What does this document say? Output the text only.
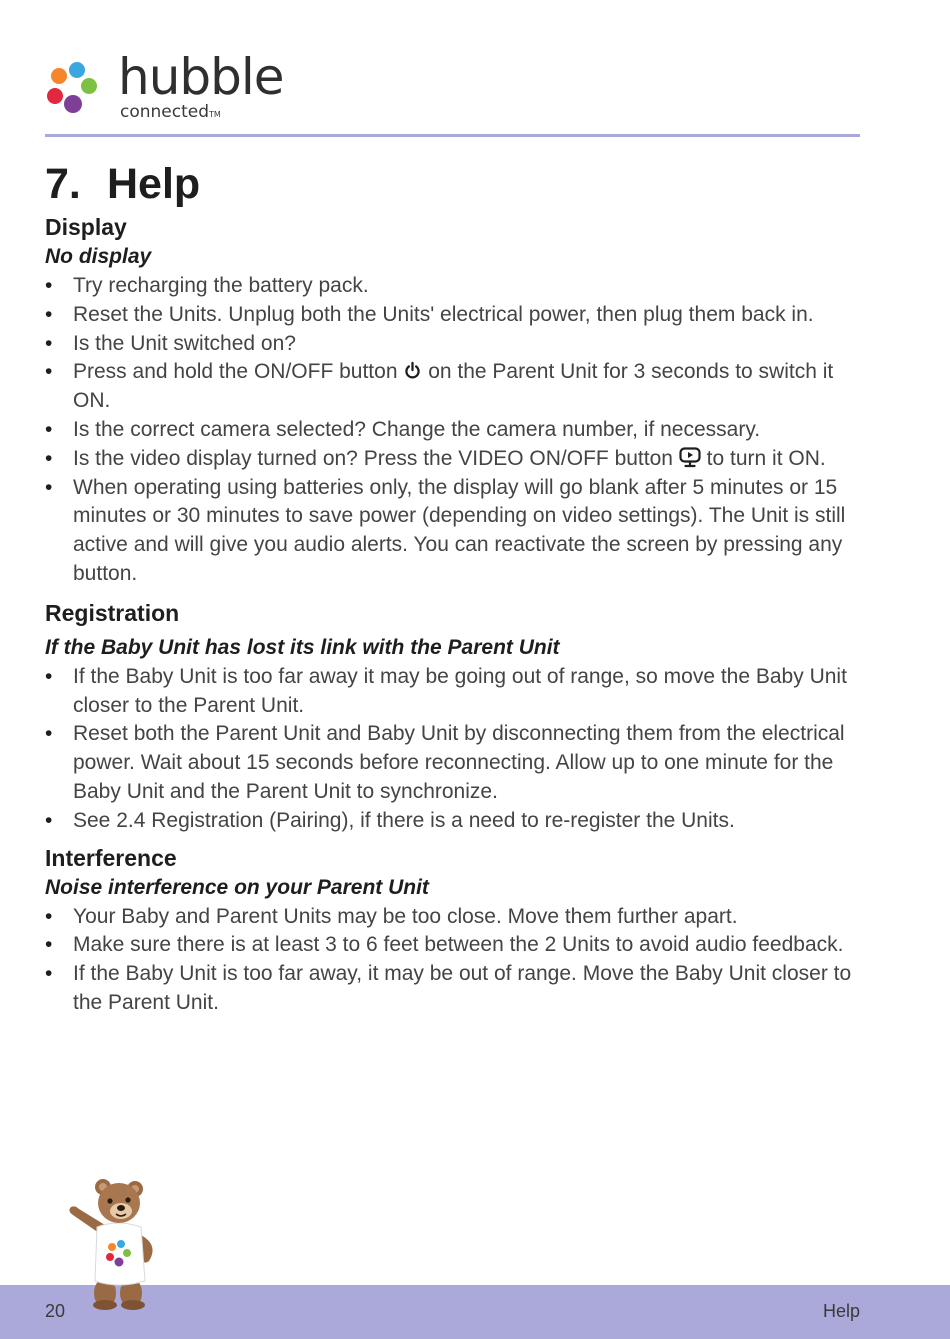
hubble
connectedTM
7. Help
Display
No display
• Try recharging the battery pack.
• Reset the Units. Unplug both the Units' electrical power, then plug them back in.
• Is the Unit switched on?
• Press and hold the ON/OFF button on the Parent Unit for 3 seconds to switch it ON.
• Is the correct camera selected? Change the camera number, if necessary.
• Is the video display turned on? Press the VIDEO ON/OFF button to turn it ON.
• When operating using batteries only, the display will go blank after 5 minutes or 15 minutes or 30 minutes to save power (depending on video settings). The Unit is still active and will give you audio alerts. You can reactivate the screen by pressing any button.
Registration
If the Baby Unit has lost its link with the Parent Unit
• If the Baby Unit is too far away it may be going out of range, so move the Baby Unit closer to the Parent Unit.
• Reset both the Parent Unit and Baby Unit by disconnecting them from the electrical power. Wait about 15 seconds before reconnecting. Allow up to one minute for the Baby Unit and the Parent Unit to synchronize.
• See 2.4 Registration (Pairing), if there is a need to re-register the Units.
Interference
Noise interference on your Parent Unit
• Your Baby and Parent Units may be too close. Move them further apart.
• Make sure there is at least 3 to 6 feet between the 2 Units to avoid audio feedback.
• If the Baby Unit is too far away, it may be out of range. Move the Baby Unit closer to the Parent Unit.
20	Help
